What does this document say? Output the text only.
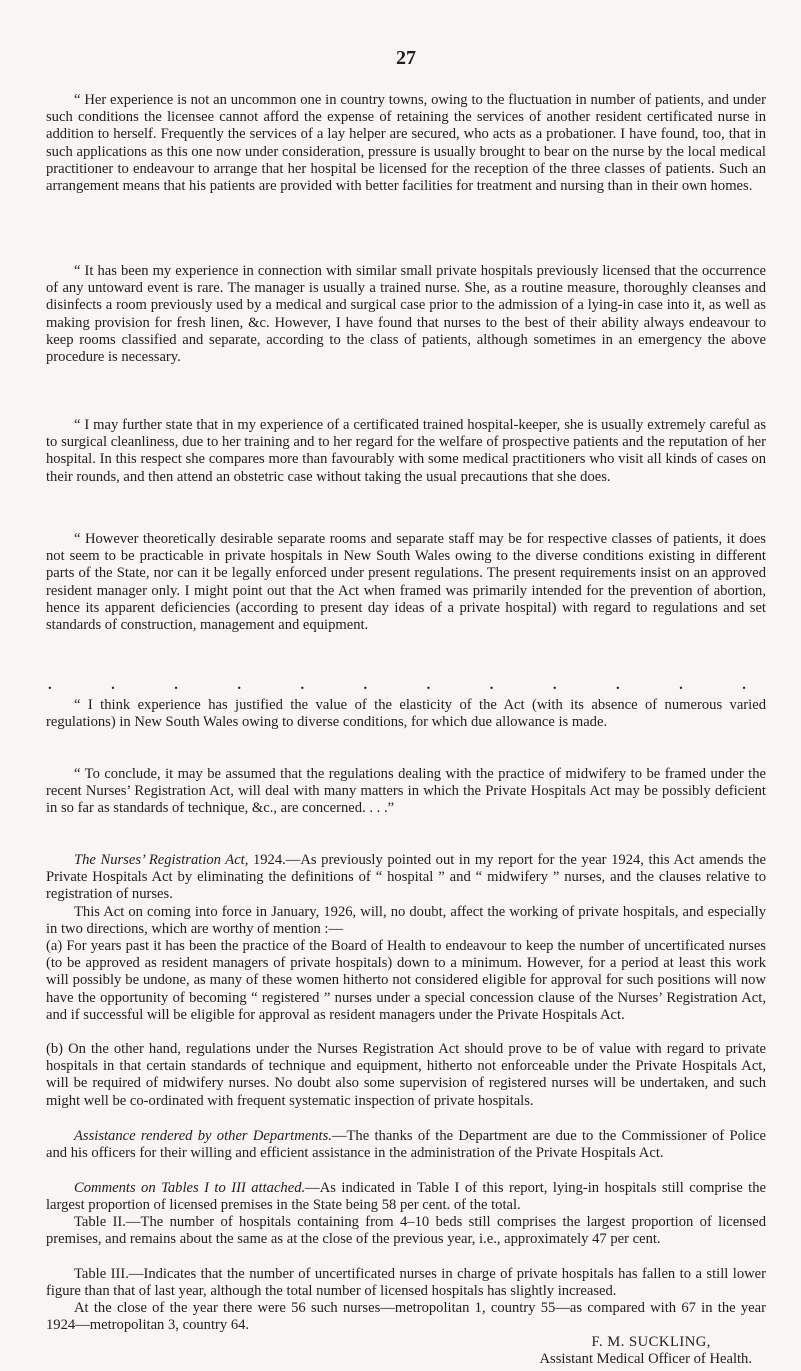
27

“ Her experience is not an uncommon one in country towns, owing to the fluctuation in number of patients, and under such conditions the licensee cannot afford the expense of retaining the services of another resident certificated nurse in addition to herself. Frequently the services of a lay helper are secured, who acts as a probationer. I have found, too, that in such applications as this one now under consideration, pressure is usually brought to bear on the nurse by the local medical practitioner to endeavour to arrange that her hospital be licensed for the reception of the three classes of patients. Such an arrangement means that his patients are provided with better facilities for treatment and nursing than in their own homes.

“ It has been my experience in connection with similar small private hospitals previously licensed that the occurrence of any untoward event is rare. The manager is usually a trained nurse. She, as a routine measure, thoroughly cleanses and disinfects a room previously used by a medical and surgical case prior to the admission of a lying-in case into it, as well as making provision for fresh linen, &c. However, I have found that nurses to the best of their ability always endeavour to keep rooms classified and separate, according to the class of patients, although sometimes in an emergency the above procedure is necessary.

“ I may further state that in my experience of a certificated trained hospital-keeper, she is usually extremely careful as to surgical cleanliness, due to her training and to her regard for the welfare of prospective patients and the reputation of her hospital. In this respect she compares more than favourably with some medical practitioners who visit all kinds of cases on their rounds, and then attend an obstetric case without taking the usual precautions that she does.

“ However theoretically desirable separate rooms and separate staff may be for respective classes of patients, it does not seem to be practicable in private hospitals in New South Wales owing to the diverse conditions existing in different parts of the State, nor can it be legally enforced under present regulations. The present requirements insist on an approved resident manager only. I might point out that the Act when framed was primarily intended for the prevention of abortion, hence its apparent deficiencies (according to present day ideas of a private hospital) with regard to regulations and set standards of construction, management and equipment.

.	.	.	.	.	.	.	.	.	.	.	.

“ I think experience has justified the value of the elasticity of the Act (with its absence of numerous varied regulations) in New South Wales owing to diverse conditions, for which due allowance is made.

“ To conclude, it may be assumed that the regulations dealing with the practice of midwifery to be framed under the recent Nurses’ Registration Act, will deal with many matters in which the Private Hospitals Act may be possibly deficient in so far as standards of technique, &c., are concerned. . . .”

The Nurses’ Registration Act, 1924.—As previously pointed out in my report for the year 1924, this Act amends the Private Hospitals Act by eliminating the definitions of “ hospital ” and “ midwifery ” nurses, and the clauses relative to registration of nurses.

This Act on coming into force in January, 1926, will, no doubt, affect the working of private hospitals, and especially in two directions, which are worthy of mention :—

(a) For years past it has been the practice of the Board of Health to endeavour to keep the number of uncertificated nurses (to be approved as resident managers of private hospitals) down to a minimum. However, for a period at least this work will possibly be undone, as many of these women hitherto not considered eligible for approval for such positions will now have the opportunity of becoming “ registered ” nurses under a special concession clause of the Nurses’ Registration Act, and if successful will be eligible for approval as resident managers under the Private Hospitals Act.

(b) On the other hand, regulations under the Nurses Registration Act should prove to be of value with regard to private hospitals in that certain standards of technique and equipment, hitherto not enforceable under the Private Hospitals Act, will be required of midwifery nurses. No doubt also some supervision of registered nurses will be undertaken, and such might well be co-ordinated with frequent systematic inspection of private hospitals.

Assistance rendered by other Departments.—The thanks of the Department are due to the Commissioner of Police and his officers for their willing and efficient assistance in the administration of the Private Hospitals Act.

Comments on Tables I to III attached.—As indicated in Table I of this report, lying-in hospitals still comprise the largest proportion of licensed premises in the State being 58 per cent. of the total.

Table II.—The number of hospitals containing from 4–10 beds still comprises the largest proportion of licensed premises, and remains about the same as at the close of the previous year, i.e., approximately 47 per cent.

Table III.—Indicates that the number of uncertificated nurses in charge of private hospitals has fallen to a still lower figure than that of last year, although the total number of licensed hospitals has slightly increased.

At the close of the year there were 56 such nurses—metropolitan 1, country 55—as compared with 67 in the year 1924—metropolitan 3, country 64.

F. M. SUCKLING,
Assistant Medical Officer of Health.
